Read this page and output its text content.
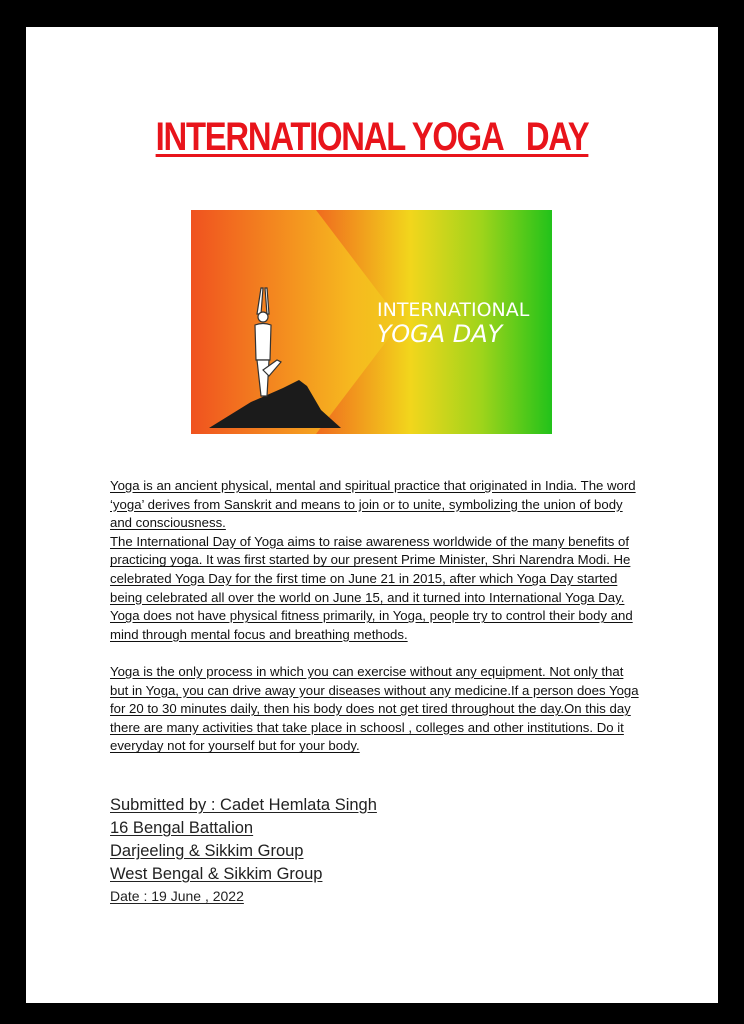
INTERNATIONAL YOGA   DAY
INTERNATIONAL
YOGA DAY

Yoga is an ancient physical, mental and spiritual practice that originated in India. The word ‘yoga’ derives from Sanskrit and means to join or to unite, symbolizing the union of body and consciousness.

The International Day of Yoga aims to raise awareness worldwide of the many benefits of practicing yoga. It was first started by our present Prime Minister, Shri Narendra Modi. He celebrated Yoga Day for the first time on June 21 in 2015, after which Yoga Day started being celebrated all over the world on June 15, and it turned into International Yoga Day. Yoga does not have physical fitness primarily, in Yoga, people try to control their body and mind through mental focus and breathing methods.

Yoga is the only process in which you can exercise without any equipment. Not only that but in Yoga, you can drive away your diseases without any medicine.If a person does Yoga for 20 to 30 minutes daily, then his body does not get tired throughout the day.On this day there are many activities that take place in schoosl , colleges and other institutions. Do it everyday not for yourself but for your body.

Submitted by : Cadet Hemlata Singh
16 Bengal Battalion
Darjeeling & Sikkim Group
West Bengal & Sikkim Group
Date : 19 June , 2022
